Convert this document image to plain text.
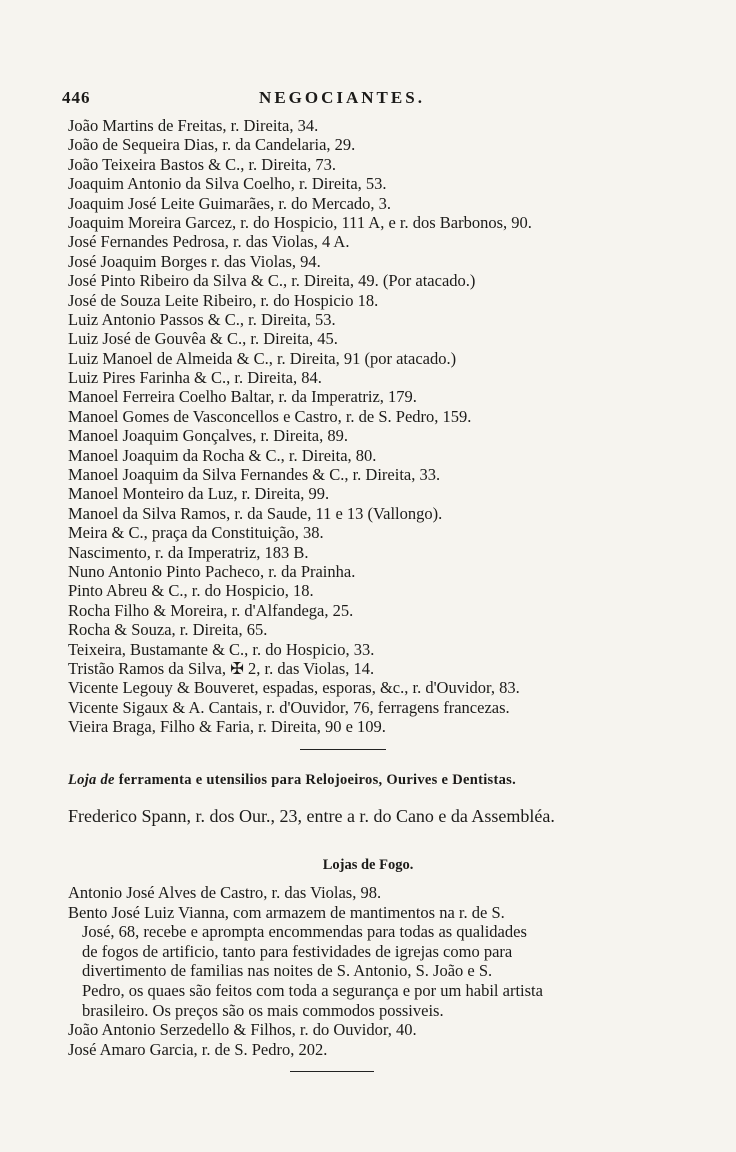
446	NEGOCIANTES.
João Martins de Freitas, r. Direita, 34.
João de Sequeira Dias, r. da Candelaria, 29.
João Teixeira Bastos & C., r. Direita, 73.
Joaquim Antonio da Silva Coelho, r. Direita, 53.
Joaquim José Leite Guimarães, r. do Mercado, 3.
Joaquim Moreira Garcez, r. do Hospicio, 111 A, e r. dos Barbonos, 90.
José Fernandes Pedrosa, r. das Violas, 4 A.
José Joaquim Borges r. das Violas, 94.
José Pinto Ribeiro da Silva & C., r. Direita, 49. (Por atacado.)
José de Souza Leite Ribeiro, r. do Hospicio 18.
Luiz Antonio Passos & C., r. Direita, 53.
Luiz José de Gouvêa & C., r. Direita, 45.
Luiz Manoel de Almeida & C., r. Direita, 91 (por atacado.)
Luiz Pires Farinha & C., r. Direita, 84.
Manoel Ferreira Coelho Baltar, r. da Imperatriz, 179.
Manoel Gomes de Vasconcellos e Castro, r. de S. Pedro, 159.
Manoel Joaquim Gonçalves, r. Direita, 89.
Manoel Joaquim da Rocha & C., r. Direita, 80.
Manoel Joaquim da Silva Fernandes & C., r. Direita, 33.
Manoel Monteiro da Luz, r. Direita, 99.
Manoel da Silva Ramos, r. da Saude, 11 e 13 (Vallongo).
Meira & C., praça da Constituição, 38.
Nascimento, r. da Imperatriz, 183 B.
Nuno Antonio Pinto Pacheco, r. da Prainha.
Pinto Abreu & C., r. do Hospicio, 18.
Rocha Filho & Moreira, r. d'Alfandega, 25.
Rocha & Souza, r. Direita, 65.
Teixeira, Bustamante & C., r. do Hospicio, 33.
Tristão Ramos da Silva, ✠ 2, r. das Violas, 14.
Vicente Legouy & Bouveret, espadas, esporas, &c., r. d'Ouvidor, 83.
Vicente Sigaux & A. Cantais, r. d'Ouvidor, 76, ferragens francezas.
Vieira Braga, Filho & Faria, r. Direita, 90 e 109.
Loja de ferramenta e utensilios para Relojoeiros, Ourives e Dentistas.
Frederico Spann, r. dos Our., 23, entre a r. do Cano e da Assembléa.
Lojas de Fogo.
Antonio José Alves de Castro, r. das Violas, 98.
Bento José Luiz Vianna, com armazem de mantimentos na r. de S.
José, 68, recebe e apromptа encommendas para todas as qualidades
de fogos de artificio, tanto para festividades de igrejas como para
divertimento de familias nas noites de S. Antonio, S. João e S.
Pedro, os quaes são feitos com toda a segurança e por um habil artista
brasileiro. Os preços são os mais commodos possiveis.
João Antonio Serzedello & Filhos, r. do Ouvidor, 40.
José Amaro Garcia, r. de S. Pedro, 202.
